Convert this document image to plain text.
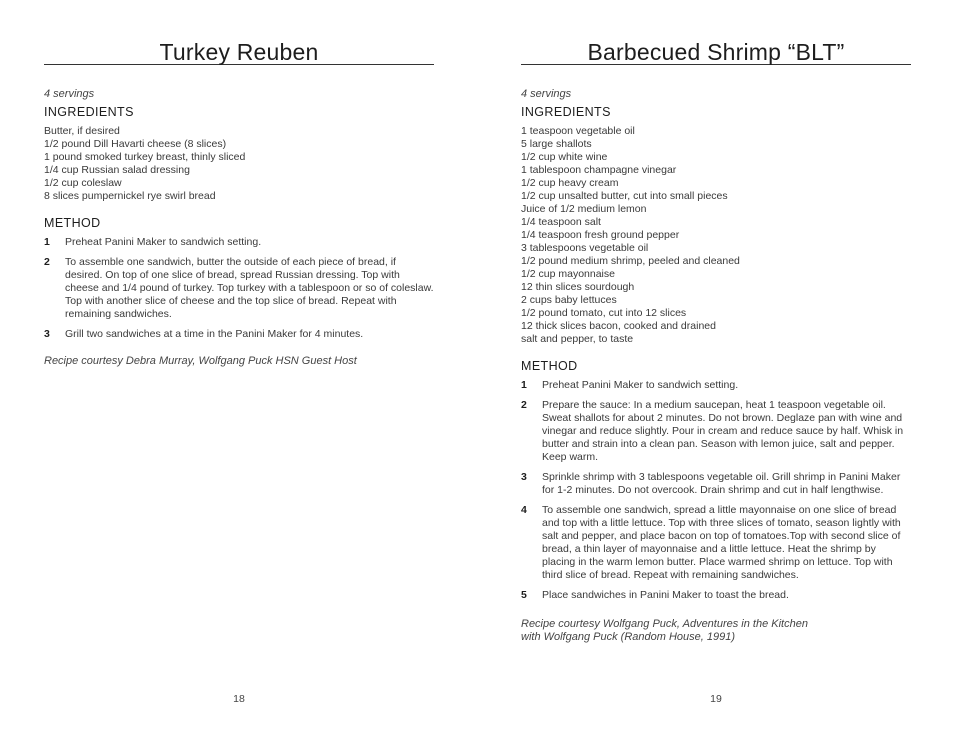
Turkey Reuben

4 servings

INGREDIENTS
Butter, if desired
1/2 pound Dill Havarti cheese (8 slices)
1 pound smoked turkey breast, thinly sliced
1/4 cup Russian salad dressing
1/2 cup coleslaw
8 slices pumpernickel rye swirl bread
METHOD
1 Preheat Panini Maker to sandwich setting.
2 To assemble one sandwich, butter the outside of each piece of bread, if desired. On top of one slice of bread, spread Russian dressing. Top with cheese and 1/4 pound of turkey. Top turkey with a tablespoon or so of coleslaw. Top with another slice of cheese and the top slice of bread. Repeat with remaining sandwiches.
3 Grill two sandwiches at a time in the Panini Maker for 4 minutes.

Recipe courtesy Debra Murray, Wolfgang Puck HSN Guest Host

18
Barbecued Shrimp “BLT”

4 servings

INGREDIENTS
1 teaspoon vegetable oil
5 large shallots
1/2 cup white wine
1 tablespoon champagne vinegar
1/2 cup heavy cream
1/2 cup unsalted butter, cut into small pieces
Juice of 1/2 medium lemon
1/4 teaspoon salt
1/4 teaspoon fresh ground pepper
3 tablespoons vegetable oil
1/2 pound medium shrimp, peeled and cleaned
1/2 cup mayonnaise
12 thin slices sourdough
2 cups baby lettuces
1/2 pound tomato, cut into 12 slices
12 thick slices bacon, cooked and drained
salt and pepper, to taste
METHOD
1 Preheat Panini Maker to sandwich setting.
2 Prepare the sauce: In a medium saucepan, heat 1 teaspoon vegetable oil. Sweat shallots for about 2 minutes. Do not brown. Deglaze pan with wine and vinegar and reduce slightly. Pour in cream and reduce sauce by half. Whisk in butter and strain into a clean pan. Season with lemon juice, salt and pepper. Keep warm.
3 Sprinkle shrimp with 3 tablespoons vegetable oil. Grill shrimp in Panini Maker for 1-2 minutes. Do not overcook. Drain shrimp and cut in half lengthwise.
4 To assemble one sandwich, spread a little mayonnaise on one slice of bread and top with a little lettuce. Top with three slices of tomato, season lightly with salt and pepper, and place bacon on top of tomatoes.Top with second slice of bread, a thin layer of mayonnaise and a little lettuce. Heat the shrimp by placing in the warm lemon butter. Place warmed shrimp on lettuce. Top with third slice of bread. Repeat with remaining sandwiches.
5 Place sandwiches in Panini Maker to toast the bread.

Recipe courtesy Wolfgang Puck, Adventures in the Kitchen
with Wolfgang Puck (Random House, 1991)

19
